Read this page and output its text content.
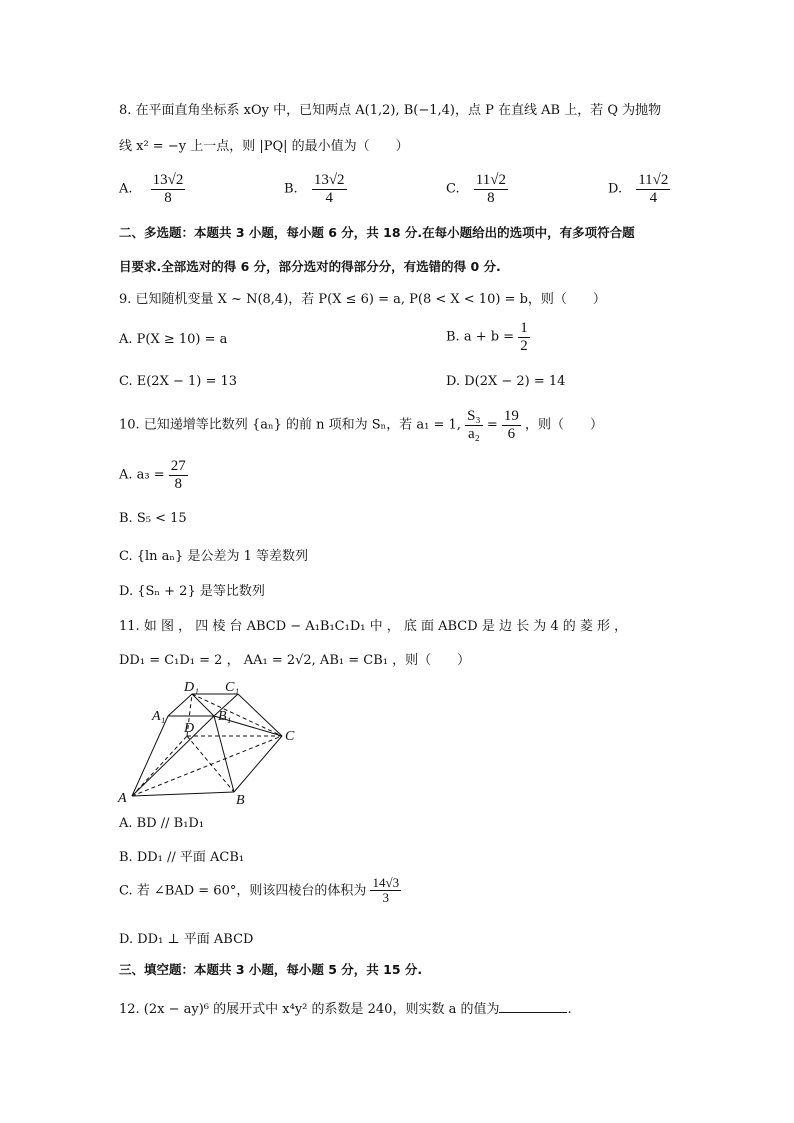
8. 在平面直角坐标系 xOy 中，已知两点 A(1,2), B(−1,4)，点 P 在直线 AB 上，若 Q 为抛物
线 x² = −y 上一点，则 |PQ| 的最小值为（　　）
A. $\frac{13√2}{8}$	B. $\frac{13√2}{4}$	C. $\frac{11√2}{8}$	D. $\frac{11√2}{4}$
二、多选题：本题共 3 小题，每小题 6 分，共 18 分.在每小题给出的选项中，有多项符合题
目要求.全部选对的得 6 分，部分选对的得部分分，有选错的得 0 分.
9. 已知随机变量 X ~ N(8,4)，若 P(X ≤ 6) = a, P(8 < X < 10) = b，则（　　）
A. P(X ≥ 10) = a	B. $a + b = \frac{1}{2}$
C. E(2X − 1) = 13	D. D(2X − 2) = 14
10. 已知递增等比数列 {aₙ} 的前 n 项和为 Sₙ，若 a₁ = 1, $\frac{\text{S₃}}{\text{a₂}} = \frac{19}{6}$ ，则（　　）
A. $a_3 = \frac{27}{8}$
B. S₅ < 15
C. {ln aₙ} 是公差为 1 等差数列
D. {Sₙ + 2} 是等比数列
11. 如 图 ， 四 棱 台 ABCD − A₁B₁C₁D₁ 中 ， 底 面 ABCD 是 边 长 为 4 的 菱 形 ，
DD₁ = C₁D₁ = 2 ， AA₁ = 2√2, AB₁ = CB₁ ，则（　　）
A	B
C
D
A₁	B₁
C₁
D₁
A. BD // B₁D₁
B. DD₁ // 平面 ACB₁
C. 若 ∠BAD = 60°，则该四棱台的体积为 $\frac{14√3}{3}$
D. DD₁ ⊥ 平面 ABCD
三、填空题：本题共 3 小题，每小题 5 分，共 15 分.
12. (2x − ay)⁶ 的展开式中 x⁴y² 的系数是 240，则实数 a 的值为	.
